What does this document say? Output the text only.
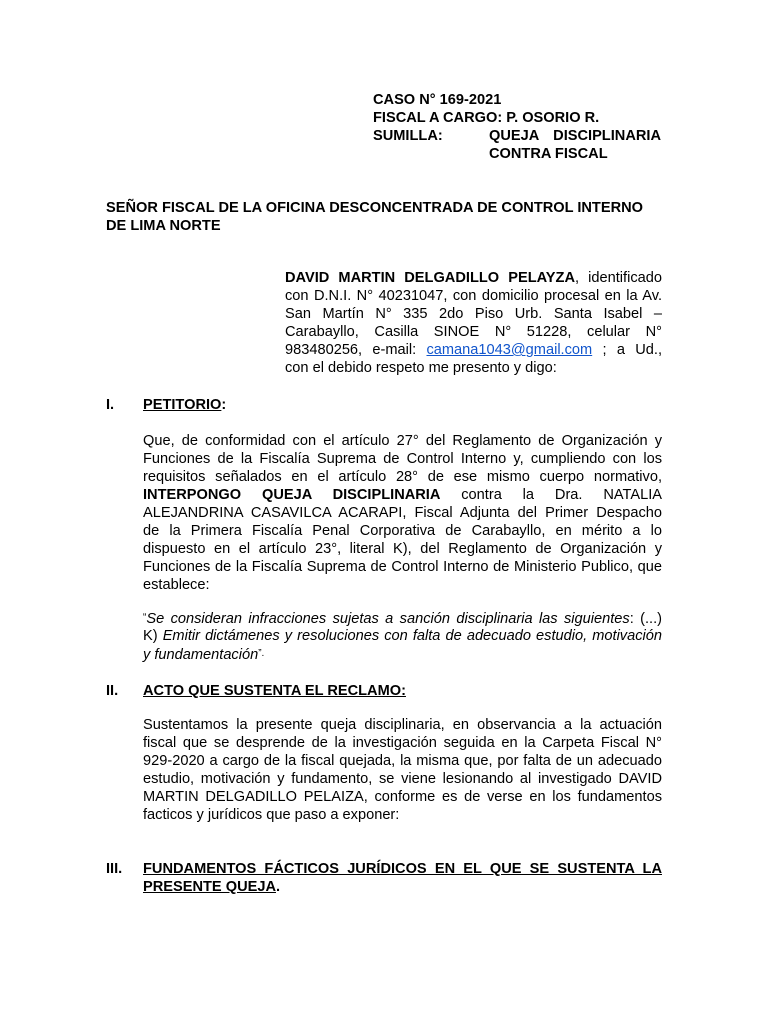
CASO N° 169-2021
FISCAL A CARGO: P. OSORIO R.
SUMILLA:	QUEJA DISCIPLINARIA
CONTRA FISCAL
SEÑOR FISCAL DE LA OFICINA DESCONCENTRADA DE CONTROL INTERNO
DE LIMA NORTE
DAVID MARTIN DELGADILLO PELAYZA, identificado
con D.N.I. N° 40231047, con domicilio procesal en la Av.
San Martín N° 335 2do Piso Urb. Santa Isabel –
Carabayllo, Casilla SINOE N° 51228, celular N°
983480256, e-mail: camana1043@gmail.com ; a Ud.,
con el debido respeto me presento y digo:
I. PETITORIO:
Que, de conformidad con el artículo 27° del Reglamento de Organización y
Funciones de la Fiscalía Suprema de Control Interno y, cumpliendo con los
requisitos señalados en el artículo 28° de ese mismo cuerpo normativo,
INTERPONGO QUEJA DISCIPLINARIA contra la Dra. NATALIA
ALEJANDRINA CASAVILCA ACARAPI, Fiscal Adjunta del Primer Despacho
de la Primera Fiscalía Penal Corporativa de Carabayllo, en mérito a lo
dispuesto en el artículo 23°, literal K), del Reglamento de Organización y
Funciones de la Fiscalía Suprema de Control Interno de Ministerio Publico, que
establece:
“Se consideran infracciones sujetas a sanción disciplinaria las siguientes: (...)
K) Emitir dictámenes y resoluciones con falta de adecuado estudio, motivación
y fundamentación”.
II. ACTO QUE SUSTENTA EL RECLAMO:
Sustentamos la presente queja disciplinaria, en observancia a la actuación
fiscal que se desprende de la investigación seguida en la Carpeta Fiscal N°
929-2020 a cargo de la fiscal quejada, la misma que, por falta de un adecuado
estudio, motivación y fundamento, se viene lesionando al investigado DAVID
MARTIN DELGADILLO PELAIZA, conforme es de verse en los fundamentos
facticos y jurídicos que paso a exponer:
III. FUNDAMENTOS FÁCTICOS JURÍDICOS EN EL QUE SE SUSTENTA LA
PRESENTE QUEJA.
